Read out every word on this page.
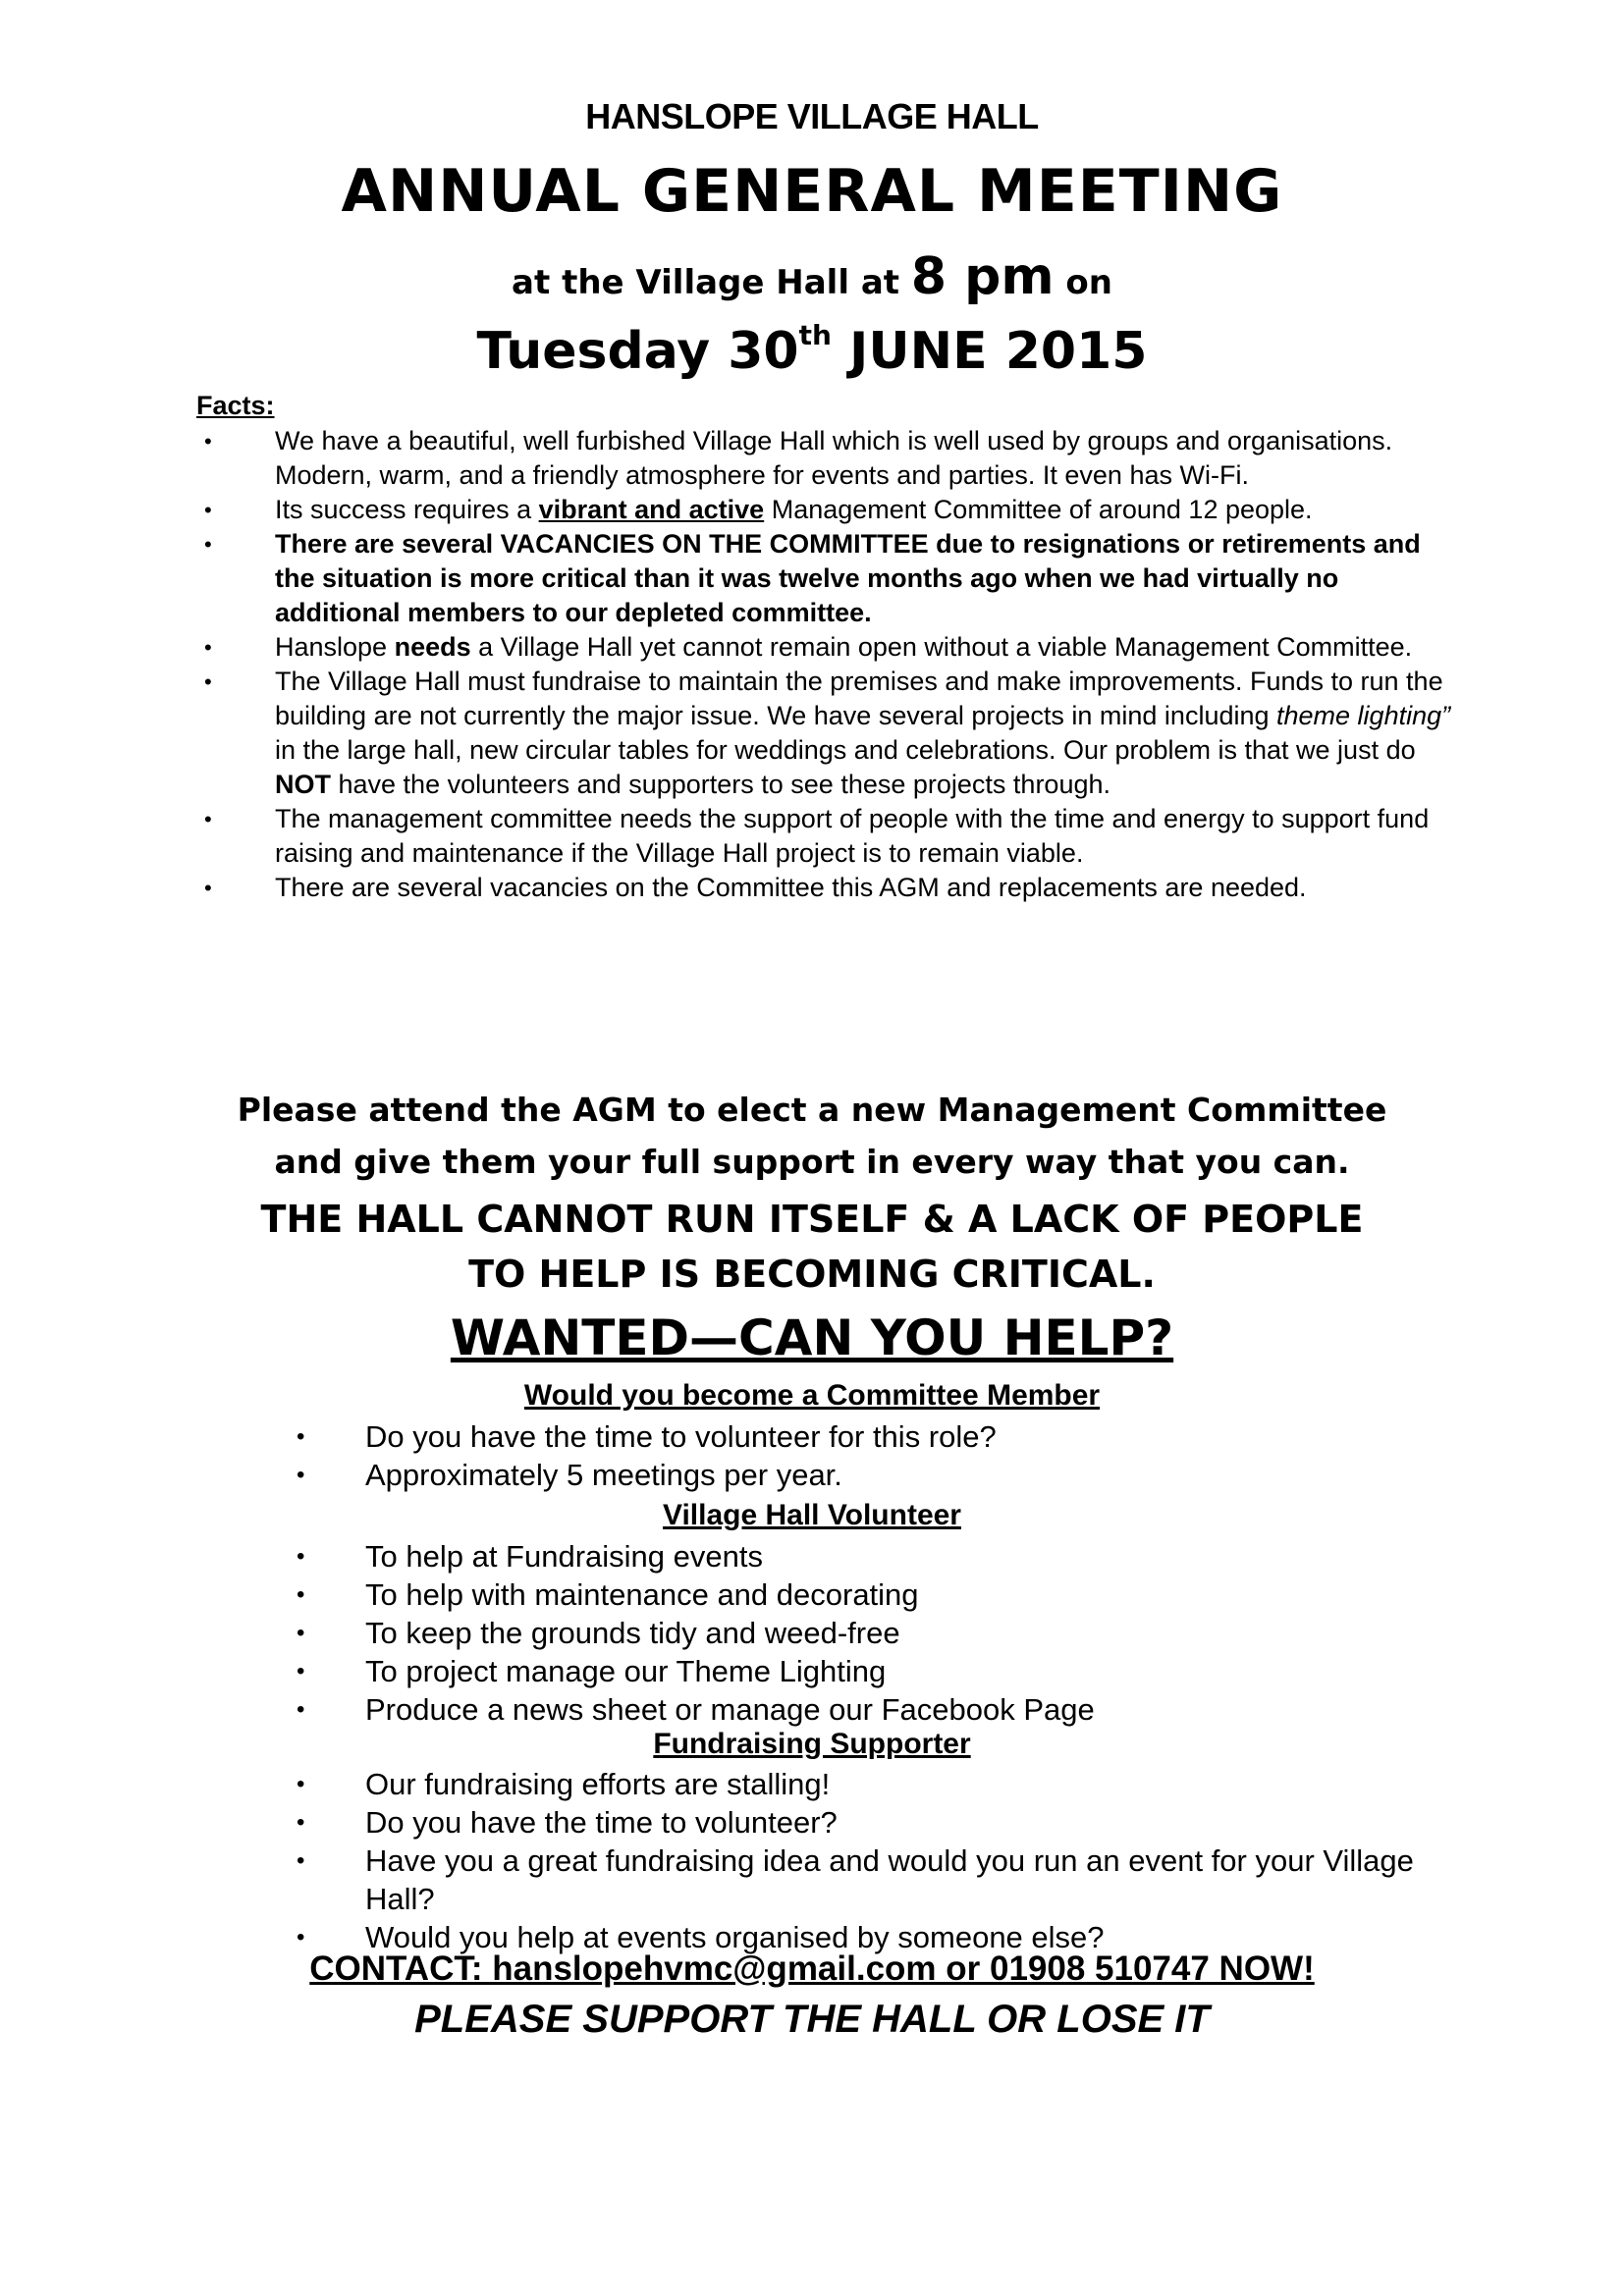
HANSLOPE VILLAGE HALL
ANNUAL GENERAL MEETING
at the Village Hall at 8 pm on
Tuesday 30th JUNE 2015
Facts:
• We have a beautiful, well furbished Village Hall which is well used by groups and organisations. Modern, warm, and a friendly atmosphere for events and parties. It even has Wi-Fi.
• Its success requires a vibrant and active Management Committee of around 12 people.
• There are several VACANCIES ON THE COMMITTEE due to resignations or retirements and the situation is more critical than it was twelve months ago when we had virtually no additional members to our depleted committee.
• Hanslope needs a Village Hall yet cannot remain open without a viable Management Committee.
• The Village Hall must fundraise to maintain the premises and make improvements. Funds to run the building are not currently the major issue. We have several projects in mind including theme lighting” in the large hall, new circular tables for weddings and celebrations. Our problem is that we just do NOT have the volunteers and supporters to see these projects through.
• The management committee needs the support of people with the time and energy to support fund raising and maintenance if the Village Hall project is to remain viable.
• There are several vacancies on the Committee this AGM and replacements are needed.
Please attend the AGM to elect a new Management Committee
and give them your full support in every way that you can.
THE HALL CANNOT RUN ITSELF & A LACK OF PEOPLE
TO HELP IS BECOMING CRITICAL.
WANTED—CAN YOU HELP?
Would you become a Committee Member
• Do you have the time to volunteer for this role?
• Approximately 5 meetings per year.
Village Hall Volunteer
• To help at Fundraising events
• To help with maintenance and decorating
• To keep the grounds tidy and weed-free
• To project manage our Theme Lighting
• Produce a news sheet or manage our Facebook Page
Fundraising Supporter
• Our fundraising efforts are stalling!
• Do you have the time to volunteer?
• Have you a great fundraising idea and would you run an event for your Village Hall?
• Would you help at events organised by someone else?
CONTACT: hanslopehvmc@gmail.com or 01908 510747 NOW!
PLEASE SUPPORT THE HALL OR LOSE IT
